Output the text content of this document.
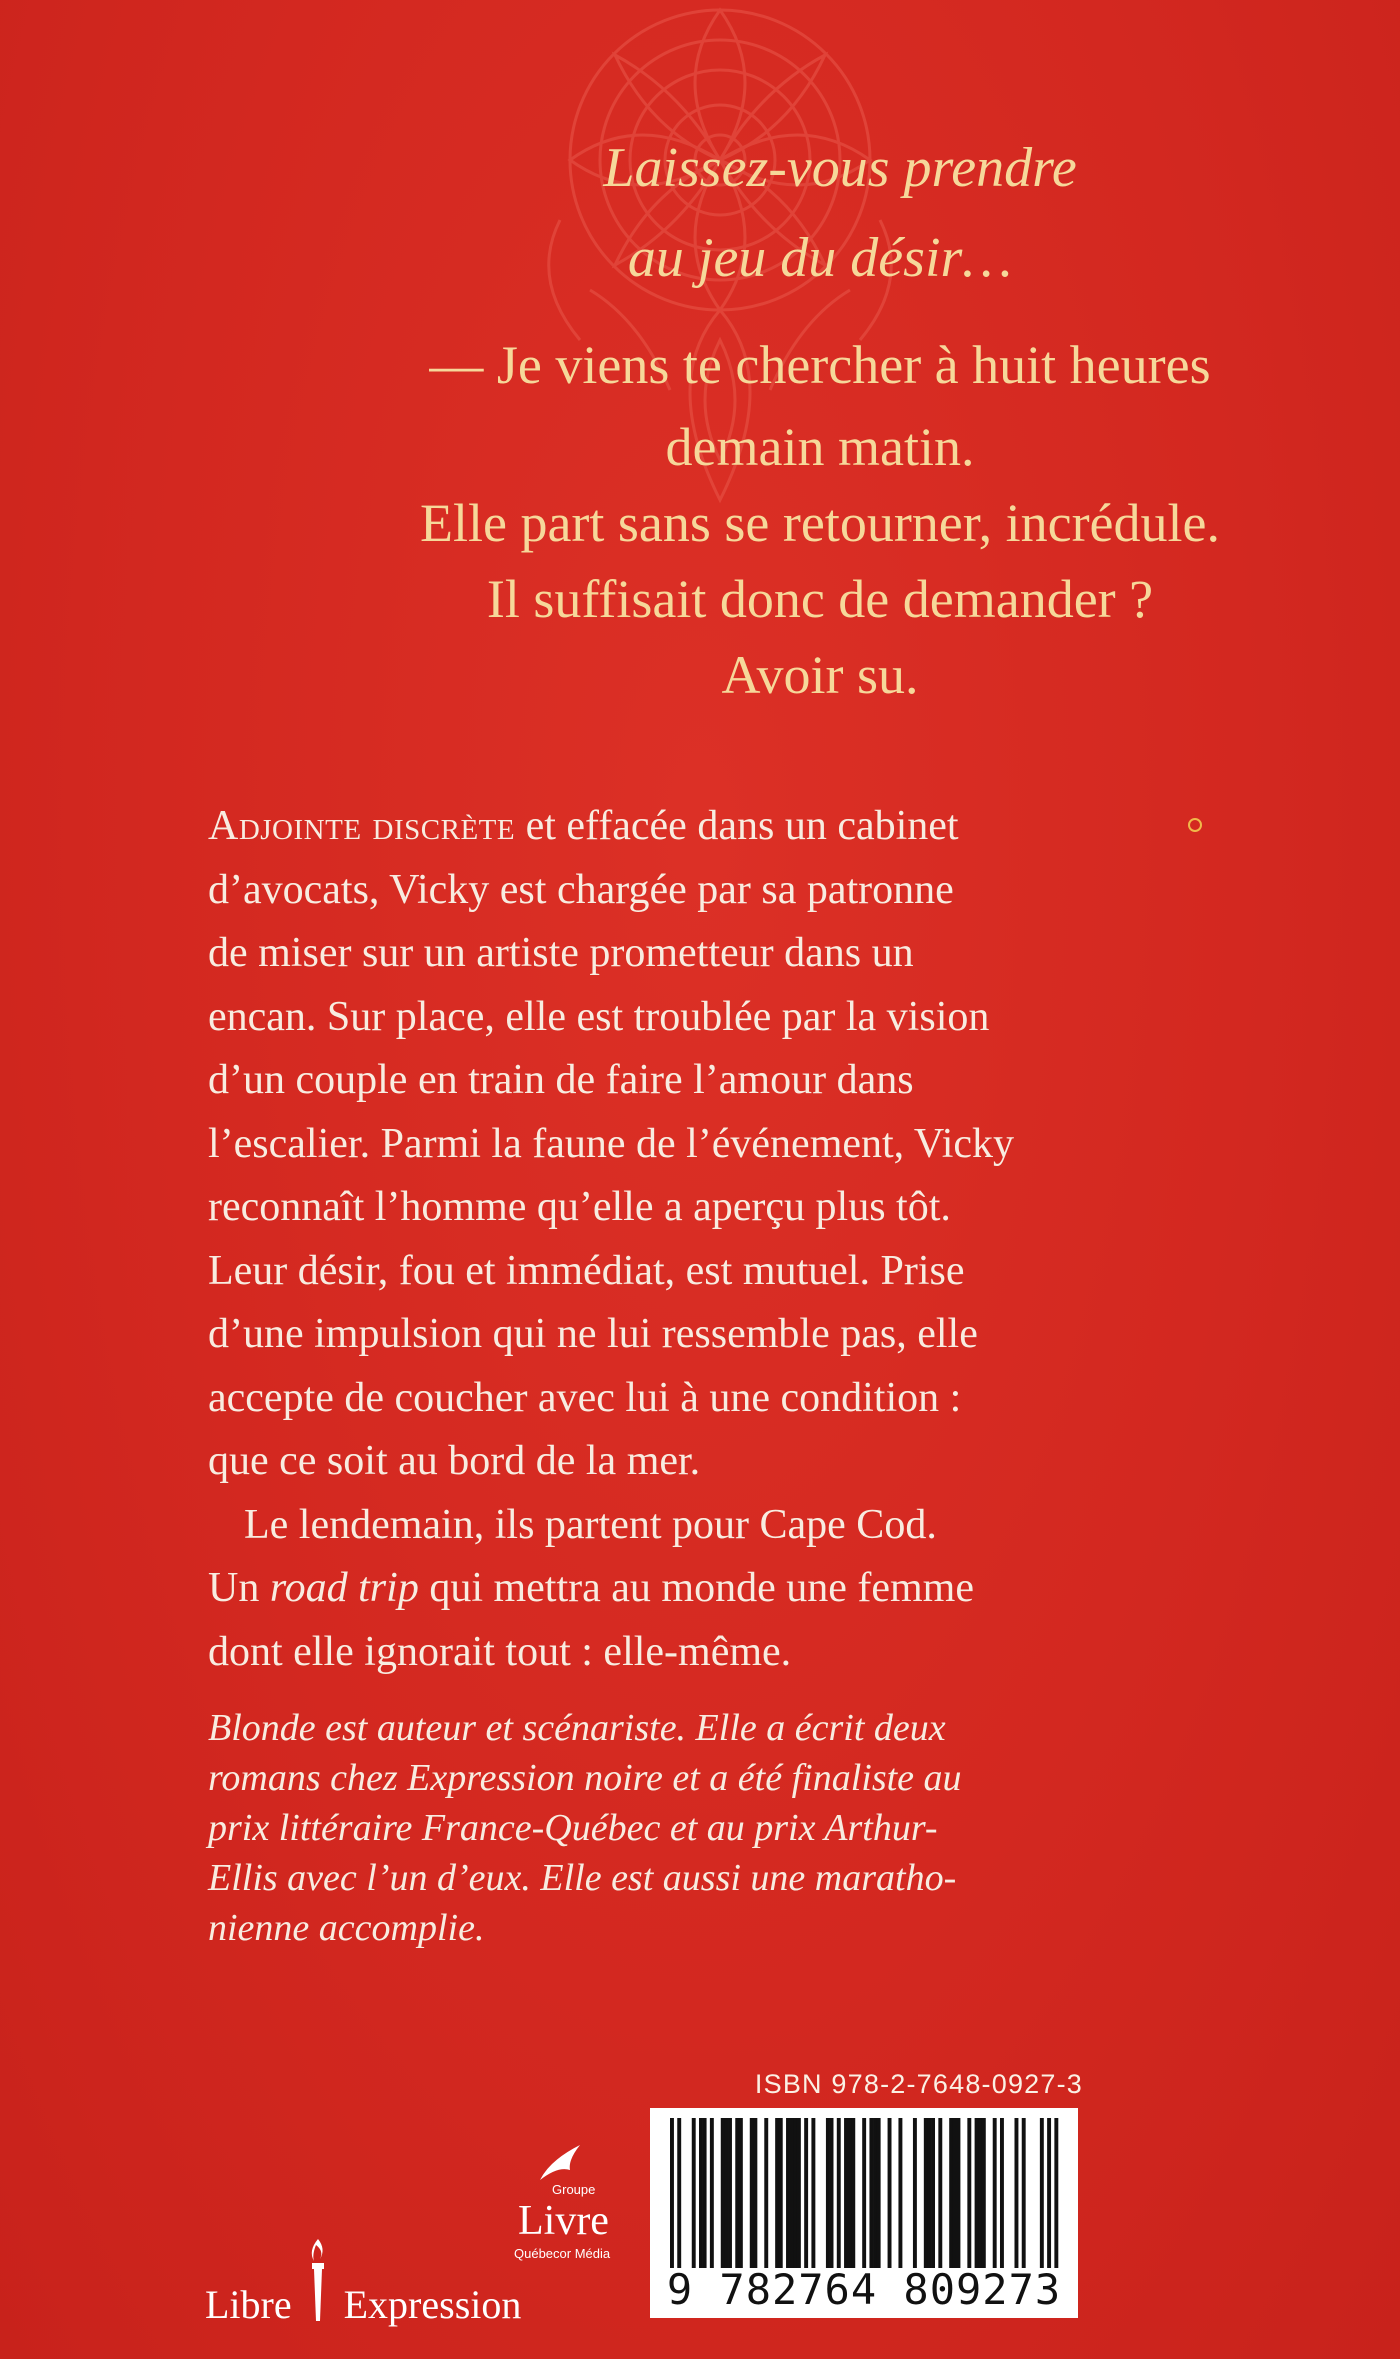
Laissez-vous prendre
au jeu du désir…
— Je viens te chercher à huit heures
demain matin.
Elle part sans se retourner, incrédule.
Il suffisait donc de demander ?
Avoir su.
Adjointe discrète et effacée dans un cabinet
d’avocats, Vicky est chargée par sa patronne
de miser sur un artiste prometteur dans un
encan. Sur place, elle est troublée par la vision
d’un couple en train de faire l’amour dans
l’escalier. Parmi la faune de l’événement, Vicky
reconnaît l’homme qu’elle a aperçu plus tôt.
Leur désir, fou et immédiat, est mutuel. Prise
d’une impulsion qui ne lui ressemble pas, elle
accepte de coucher avec lui à une condition :
que ce soit au bord de la mer.
Le lendemain, ils partent pour Cape Cod.
Un road trip qui mettra au monde une femme
dont elle ignorait tout : elle-même.
Blonde est auteur et scénariste. Elle a écrit deux
romans chez Expression noire et a été finaliste au
prix littéraire France-Québec et au prix Arthur-
Ellis avec l’un d’eux. Elle est aussi une maratho-
nienne accomplie.
ISBN 978-2-7648-0927-3
9 782764 809273
Libre Expression
Groupe
Livre
Québecor Média
